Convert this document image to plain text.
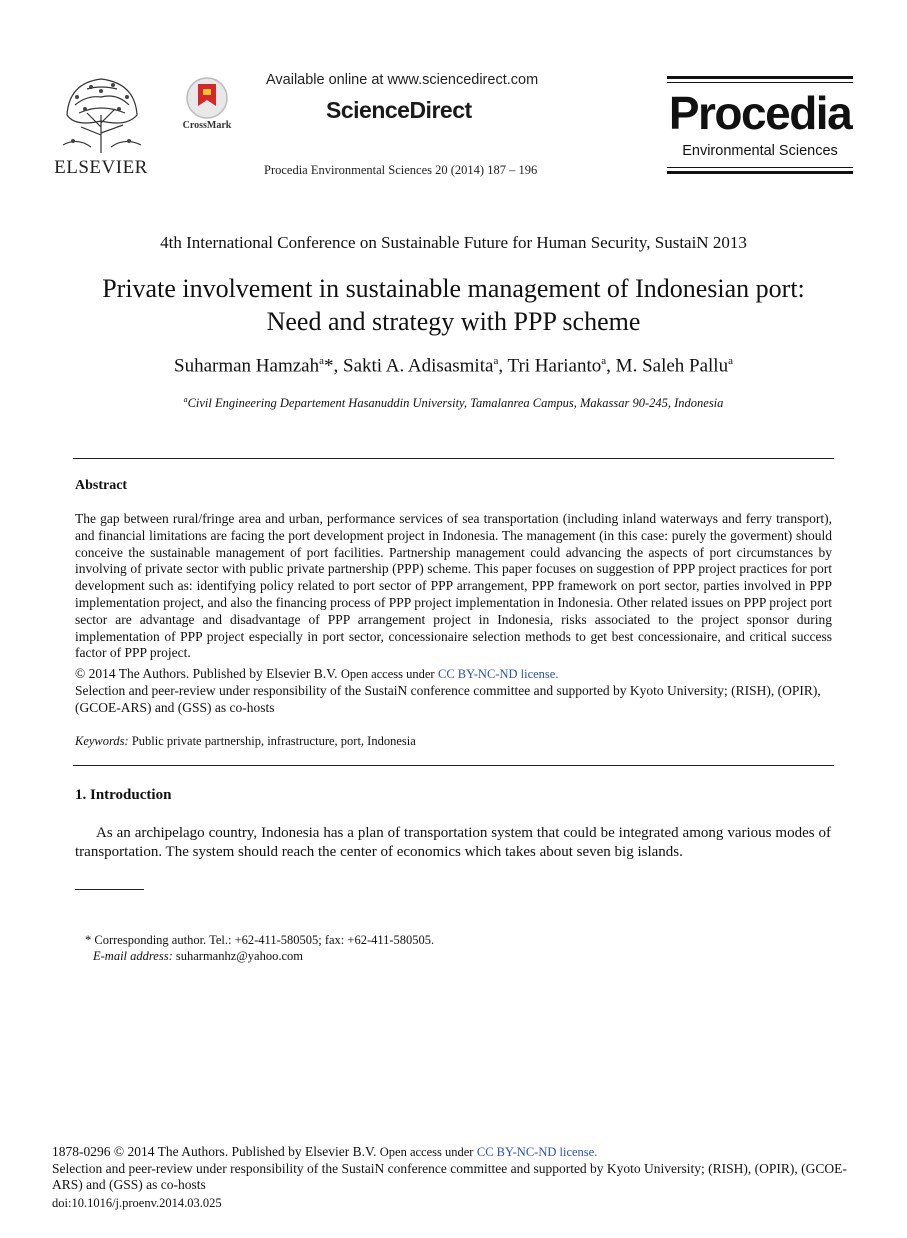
ELSEVIER
CrossMark
Available online at www.sciencedirect.com
ScienceDirect
Procedia Environmental Sciences 20 (2014) 187 – 196
Procedia
Environmental Sciences
4th International Conference on Sustainable Future for Human Security, SustaiN 2013
Private involvement in sustainable management of Indonesian port:
Need and strategy with PPP scheme
Suharman Hamzah$^a$*, Sakti A. Adisasmita$^a$, Tri Harianto$^a$, M. Saleh Pallu$^a$
$^a$Civil Engineering Departement Hasanuddin University, Tamalanrea Campus, Makassar 90-245, Indonesia
Abstract
The gap between rural/fringe area and urban, performance services of sea transportation (including inland waterways and ferry transport), and financial limitations are facing the port development project in Indonesia. The management (in this case: purely the goverment) should conceive the sustainable management of port facilities. Partnership management could advancing the aspects of port circumstances by involving of private sector with public private partnership (PPP) scheme. This paper focuses on suggestion of PPP project practices for port development such as: identifying policy related to port sector of PPP arrangement, PPP framework on port sector, parties involved in PPP implementation project, and also the financing process of PPP project implementation in Indonesia. Other related issues on PPP project port sector are advantage and disadvantage of PPP arrangement project in Indonesia, risks associated to the project sponsor during implementation of PPP project especially in port sector, concessionaire selection methods to get best concessionaire, and critical success factor of PPP project.
© 2014 The Authors. Published by Elsevier B.V. Open access under CC BY-NC-ND license.
Selection and peer-review under responsibility of the SustaiN conference committee and supported by Kyoto University; (RISH), (OPIR), (GCOE-ARS) and (GSS) as co-hosts
Keywords: Public private partnership, infrastructure, port, Indonesia
1. Introduction
As an archipelago country, Indonesia has a plan of transportation system that could be integrated among various modes of transportation. The system should reach the center of economics which takes about seven big islands.
* Corresponding author. Tel.: +62-411-580505; fax: +62-411-580505.
E-mail address: suharmanhz@yahoo.com
1878-0296 © 2014 The Authors. Published by Elsevier B.V. Open access under CC BY-NC-ND license.
Selection and peer-review under responsibility of the SustaiN conference committee and supported by Kyoto University; (RISH), (OPIR), (GCOE-ARS) and (GSS) as co-hosts
doi:10.1016/j.proenv.2014.03.025
